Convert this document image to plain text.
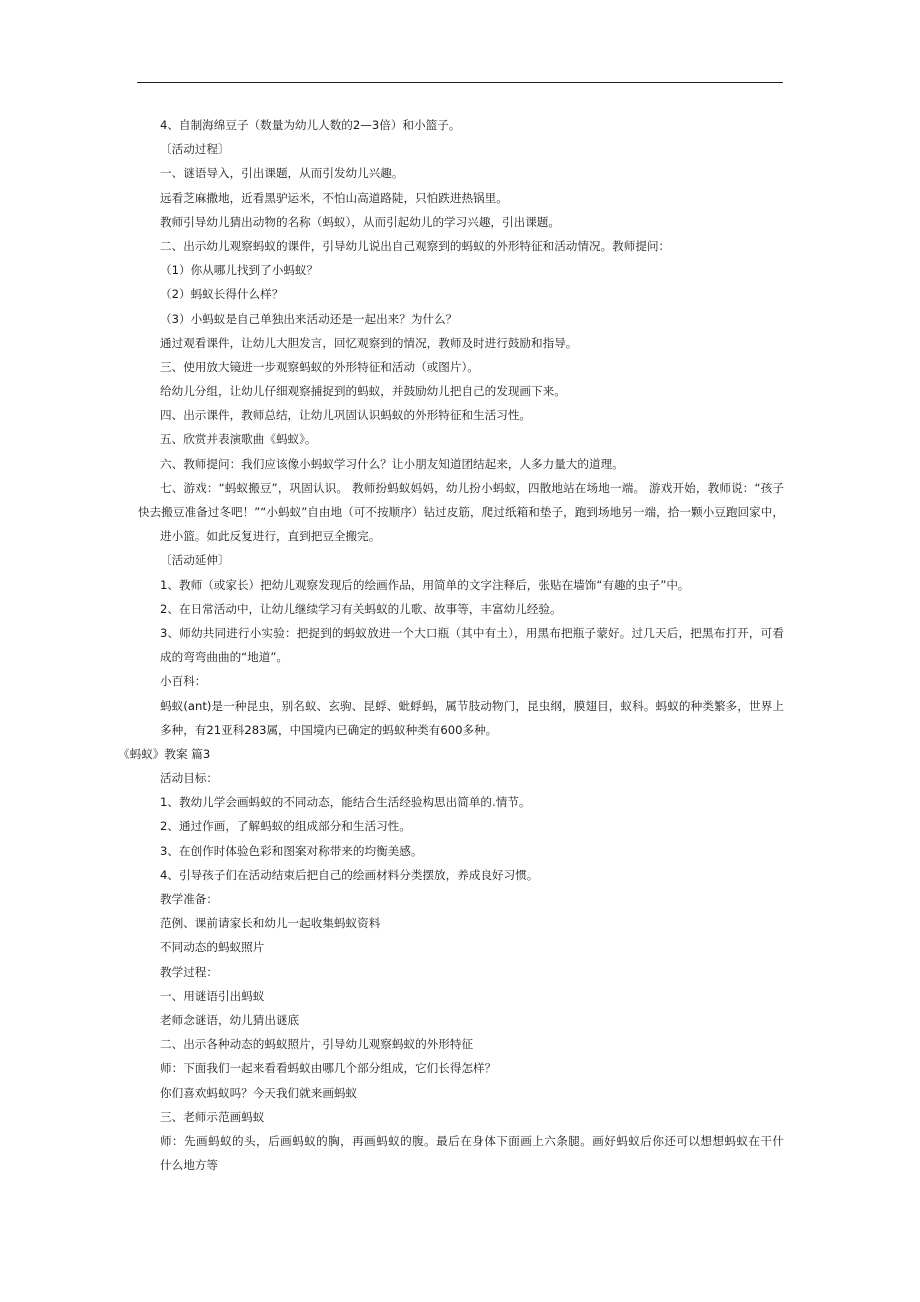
4、自制海绵豆子（数量为幼儿人数的2—3倍）和小篮子。
〔活动过程〕
一、谜语导入，引出课题，从而引发幼儿兴趣。
远看芝麻撒地，近看黑驴运米，不怕山高道路陡，只怕跌进热锅里。
教师引导幼儿猜出动物的名称（蚂蚁），从而引起幼儿的学习兴趣，引出课题。
二、出示幼儿观察蚂蚁的课件，引导幼儿说出自己观察到的蚂蚁的外形特征和活动情况。教师提问：
（1）你从哪儿找到了小蚂蚁？
（2）蚂蚁长得什么样？
（3）小蚂蚁是自己单独出来活动还是一起出来？为什么？
通过观看课件，让幼儿大胆发言，回忆观察到的情况，教师及时进行鼓励和指导。
三、使用放大镜进一步观察蚂蚁的外形特征和活动（或图片）。
给幼儿分组，让幼儿仔细观察捕捉到的蚂蚁，并鼓励幼儿把自己的发现画下来。
四、出示课件，教师总结，让幼儿巩固认识蚂蚁的外形特征和生活习性。
五、欣赏并表演歌曲《蚂蚁》。
六、教师提问：我们应该像小蚂蚁学习什么？让小朋友知道团结起来，人多力量大的道理。
七、游戏：“蚂蚁搬豆”，巩固认识。 教师扮蚂蚁妈妈，幼儿扮小蚂蚁，四散地站在场地一端。 游戏开始，教师说：“孩子
快去搬豆准备过冬吧！”“小蚂蚁”自由地（可不按顺序）钻过皮筋，爬过纸箱和垫子，跑到场地另一端，拾一颗小豆跑回家中，
进小篮。如此反复进行，直到把豆全搬完。
〔活动延伸〕
1、教师（或家长）把幼儿观察发现后的绘画作品，用简单的文字注释后，张贴在墙饰“有趣的虫子”中。
2、在日常活动中，让幼儿继续学习有关蚂蚁的儿歌、故事等，丰富幼儿经验。
3、师幼共同进行小实验：把捉到的蚂蚁放进一个大口瓶（其中有土），用黑布把瓶子蒙好。过几天后，把黑布打开，可看
成的弯弯曲曲的“地道”。
小百科：
蚂蚁(ant)是一种昆虫，别名蚁、玄驹、昆蜉、蚍蜉蚂，属节肢动物门，昆虫纲，膜翅目，蚁科。蚂蚁的种类繁多，世界上
多种，有21亚科283属，中国境内已确定的蚂蚁种类有600多种。
《蚂蚁》教案 篇3
活动目标：
1、教幼儿学会画蚂蚁的不同动态，能结合生活经验构思出简单的.情节。
2、通过作画，了解蚂蚁的组成部分和生活习性。
3、在创作时体验色彩和图案对称带来的均衡美感。
4、引导孩子们在活动结束后把自己的绘画材料分类摆放，养成良好习惯。
教学准备：
范例、课前请家长和幼儿一起收集蚂蚁资料
不同动态的蚂蚁照片
教学过程：
一、用谜语引出蚂蚁
老师念谜语，幼儿猜出谜底
二、出示各种动态的蚂蚁照片，引导幼儿观察蚂蚁的外形特征
师：下面我们一起来看看蚂蚁由哪几个部分组成，它们长得怎样？
你们喜欢蚂蚁吗？今天我们就来画蚂蚁
三、老师示范画蚂蚁
师：先画蚂蚁的头，后画蚂蚁的胸，再画蚂蚁的腹。最后在身体下面画上六条腿。画好蚂蚁后你还可以想想蚂蚁在干什
什么地方等
